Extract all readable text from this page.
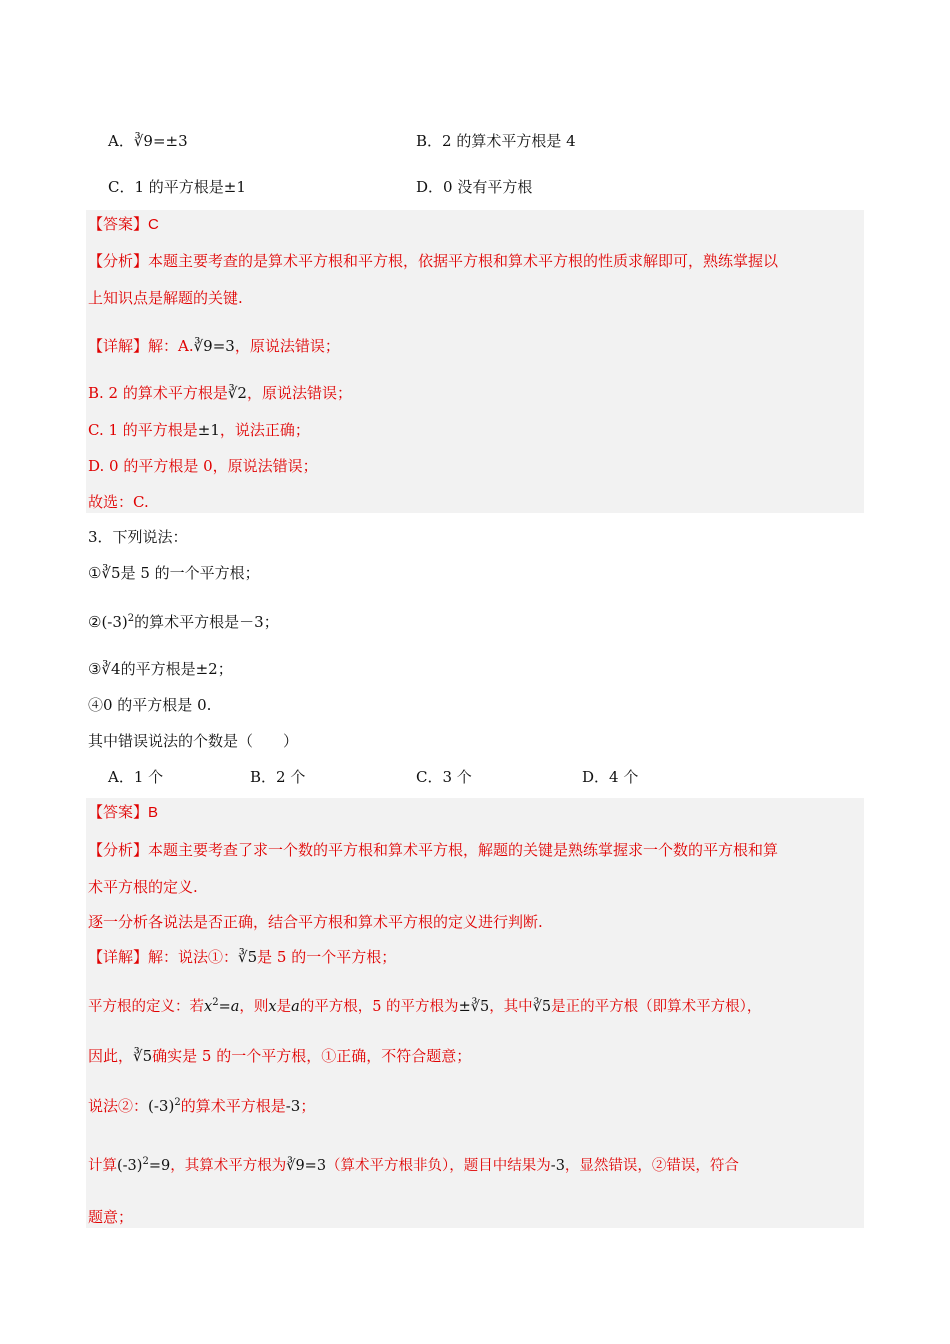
A．∛9=±3	B．2 的算术平方根是 4
C．1 的平方根是±1	D．0 没有平方根
【答案】C
【分析】本题主要考查的是算术平方根和平方根，依据平方根和算术平方根的性质求解即可，熟练掌握以
上知识点是解题的关键.
【详解】解：A.∛9=3，原说法错误；
B. 2 的算术平方根是∛2，原说法错误；
C. 1 的平方根是±1，说法正确；
D. 0 的平方根是 0，原说法错误；
故选：C.
3．下列说法：
①∛5是 5 的一个平方根；
$②(-3)^2$的算术平方根是－3；
③∛4的平方根是±2；
④0 的平方根是 0.
其中错误说法的个数是（　　）
A．1 个	B．2 个	C．3 个	D．4 个
【答案】B
【分析】本题主要考查了求一个数的平方根和算术平方根，解题的关键是熟练掌握求一个数的平方根和算
术平方根的定义.
逐一分析各说法是否正确，结合平方根和算术平方根的定义进行判断.
【详解】解：说法①：∛5是 5 的一个平方根；
平方根的定义：若$x^2=a$，则x是a的平方根，5 的平方根为±∛5，其中∛5是正的平方根（即算术平方根），
因此，∛5确实是 5 的一个平方根，①正确，不符合题意；
说法②：$(-3)^2$的算术平方根是-3；
计算$(-3)^2=9$，其算术平方根为∛9=3（算术平方根非负），题目中结果为-3，显然错误，②错误，符合
题意；
